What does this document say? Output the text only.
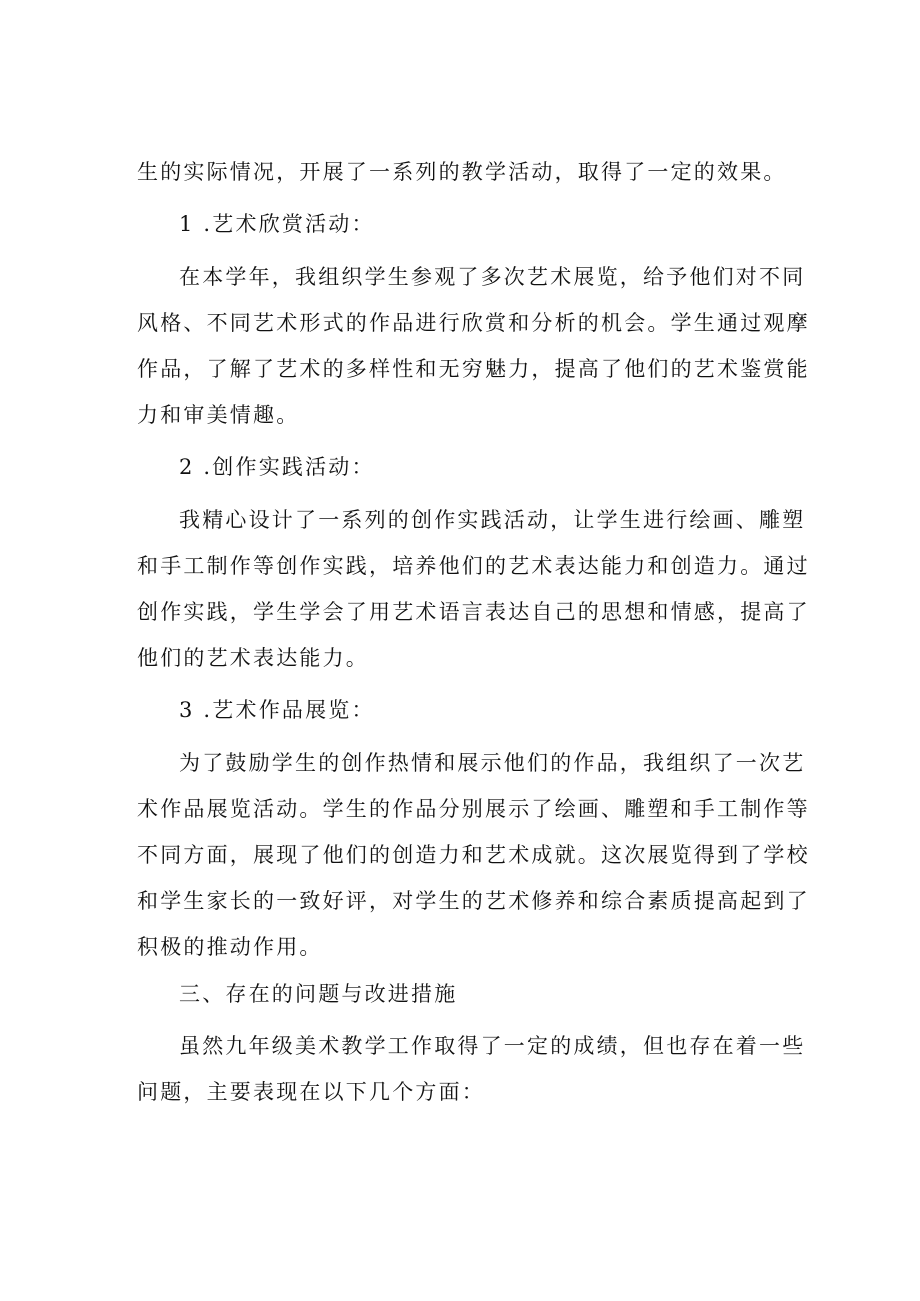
生的实际情况，开展了一系列的教学活动，取得了一定的效果。
1 .艺术欣赏活动：
在本学年，我组织学生参观了多次艺术展览，给予他们对不同
风格、不同艺术形式的作品进行欣赏和分析的机会。学生通过观摩
作品，了解了艺术的多样性和无穷魅力，提高了他们的艺术鉴赏能
力和审美情趣。
2 .创作实践活动：
我精心设计了一系列的创作实践活动，让学生进行绘画、雕塑
和手工制作等创作实践，培养他们的艺术表达能力和创造力。通过
创作实践，学生学会了用艺术语言表达自己的思想和情感，提高了
他们的艺术表达能力。
3 .艺术作品展览：
为了鼓励学生的创作热情和展示他们的作品，我组织了一次艺
术作品展览活动。学生的作品分别展示了绘画、雕塑和手工制作等
不同方面，展现了他们的创造力和艺术成就。这次展览得到了学校
和学生家长的一致好评，对学生的艺术修养和综合素质提高起到了
积极的推动作用。
三、存在的问题与改进措施
虽然九年级美术教学工作取得了一定的成绩，但也存在着一些
问题，主要表现在以下几个方面：
